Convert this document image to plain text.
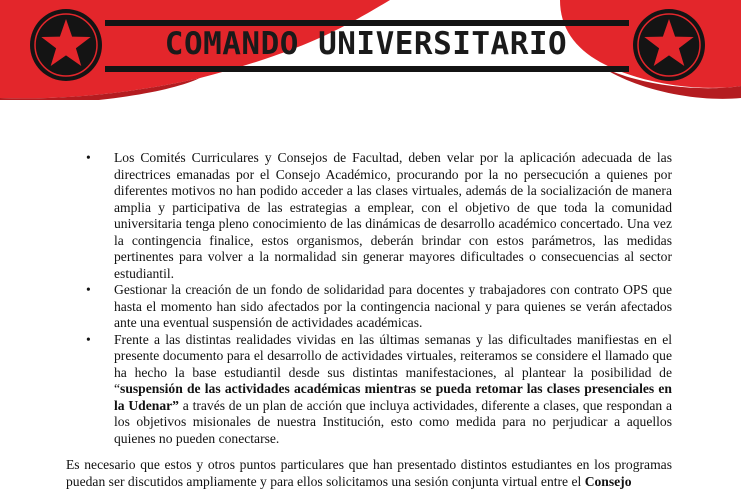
COMANDO UNIVERSITARIO
• Los Comités Curriculares y Consejos de Facultad, deben velar por la aplicación adecuada de las directrices emanadas por el Consejo Académico, procurando por la no persecución a quienes por diferentes motivos no han podido acceder a las clases virtuales, además de la socialización de manera amplia y participativa de las estrategias a emplear, con el objetivo de que toda la comunidad universitaria tenga pleno conocimiento de las dinámicas de desarrollo académico concertado. Una vez la contingencia finalice, estos organismos, deberán brindar con estos parámetros, las medidas pertinentes para volver a la normalidad sin generar mayores dificultades o consecuencias al sector estudiantil.
• Gestionar la creación de un fondo de solidaridad para docentes y trabajadores con contrato OPS que hasta el momento han sido afectados por la contingencia nacional y para quienes se verán afectados ante una eventual suspensión de actividades académicas.
• Frente a las distintas realidades vividas en las últimas semanas y las dificultades manifiestas en el presente documento para el desarrollo de actividades virtuales, reiteramos se considere el llamado que ha hecho la base estudiantil desde sus distintas manifestaciones, al plantear la posibilidad de “suspensión de las actividades académicas mientras se pueda retomar las clases presenciales en la Udenar” a través de un plan de acción que incluya actividades, diferente a clases, que respondan a los objetivos misionales de nuestra Institución, esto como medida para no perjudicar a aquellos quienes no pueden conectarse.

Es necesario que estos y otros puntos particulares que han presentado distintos estudiantes en los programas puedan ser discutidos ampliamente y para ellos solicitamos una sesión conjunta virtual entre el Consejo
